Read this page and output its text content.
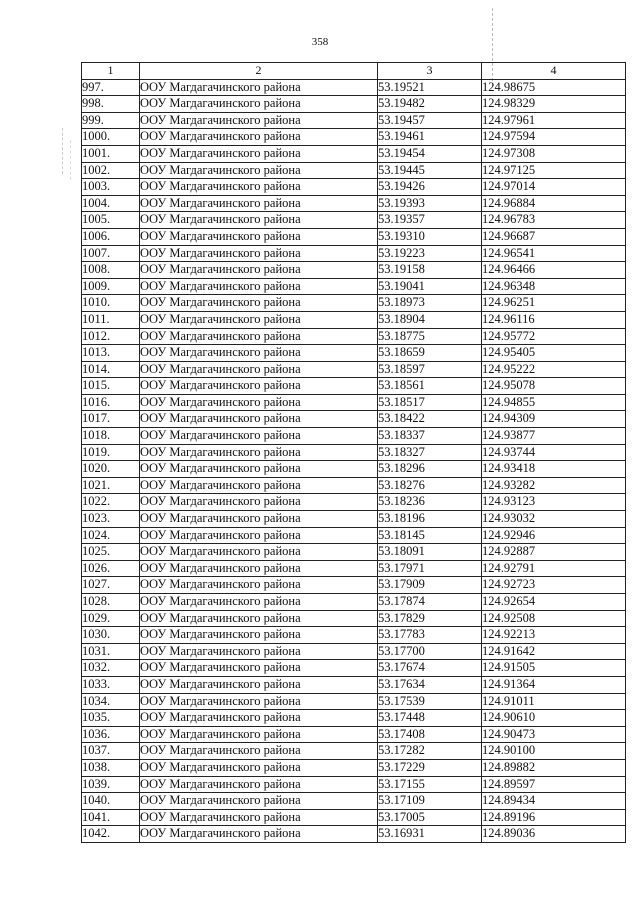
358
1	2	3	4
997.	ООУ Магдагачинского района	53.19521	124.98675
998.	ООУ Магдагачинского района	53.19482	124.98329
999.	ООУ Магдагачинского района	53.19457	124.97961
1000.	ООУ Магдагачинского района	53.19461	124.97594
1001.	ООУ Магдагачинского района	53.19454	124.97308
1002.	ООУ Магдагачинского района	53.19445	124.97125
1003.	ООУ Магдагачинского района	53.19426	124.97014
1004.	ООУ Магдагачинского района	53.19393	124.96884
1005.	ООУ Магдагачинского района	53.19357	124.96783
1006.	ООУ Магдагачинского района	53.19310	124.96687
1007.	ООУ Магдагачинского района	53.19223	124.96541
1008.	ООУ Магдагачинского района	53.19158	124.96466
1009.	ООУ Магдагачинского района	53.19041	124.96348
1010.	ООУ Магдагачинского района	53.18973	124.96251
1011.	ООУ Магдагачинского района	53.18904	124.96116
1012.	ООУ Магдагачинского района	53.18775	124.95772
1013.	ООУ Магдагачинского района	53.18659	124.95405
1014.	ООУ Магдагачинского района	53.18597	124.95222
1015.	ООУ Магдагачинского района	53.18561	124.95078
1016.	ООУ Магдагачинского района	53.18517	124.94855
1017.	ООУ Магдагачинского района	53.18422	124.94309
1018.	ООУ Магдагачинского района	53.18337	124.93877
1019.	ООУ Магдагачинского района	53.18327	124.93744
1020.	ООУ Магдагачинского района	53.18296	124.93418
1021.	ООУ Магдагачинского района	53.18276	124.93282
1022.	ООУ Магдагачинского района	53.18236	124.93123
1023.	ООУ Магдагачинского района	53.18196	124.93032
1024.	ООУ Магдагачинского района	53.18145	124.92946
1025.	ООУ Магдагачинского района	53.18091	124.92887
1026.	ООУ Магдагачинского района	53.17971	124.92791
1027.	ООУ Магдагачинского района	53.17909	124.92723
1028.	ООУ Магдагачинского района	53.17874	124.92654
1029.	ООУ Магдагачинского района	53.17829	124.92508
1030.	ООУ Магдагачинского района	53.17783	124.92213
1031.	ООУ Магдагачинского района	53.17700	124.91642
1032.	ООУ Магдагачинского района	53.17674	124.91505
1033.	ООУ Магдагачинского района	53.17634	124.91364
1034.	ООУ Магдагачинского района	53.17539	124.91011
1035.	ООУ Магдагачинского района	53.17448	124.90610
1036.	ООУ Магдагачинского района	53.17408	124.90473
1037.	ООУ Магдагачинского района	53.17282	124.90100
1038.	ООУ Магдагачинского района	53.17229	124.89882
1039.	ООУ Магдагачинского района	53.17155	124.89597
1040.	ООУ Магдагачинского района	53.17109	124.89434
1041.	ООУ Магдагачинского района	53.17005	124.89196
1042.	ООУ Магдагачинского района	53.16931	124.89036
